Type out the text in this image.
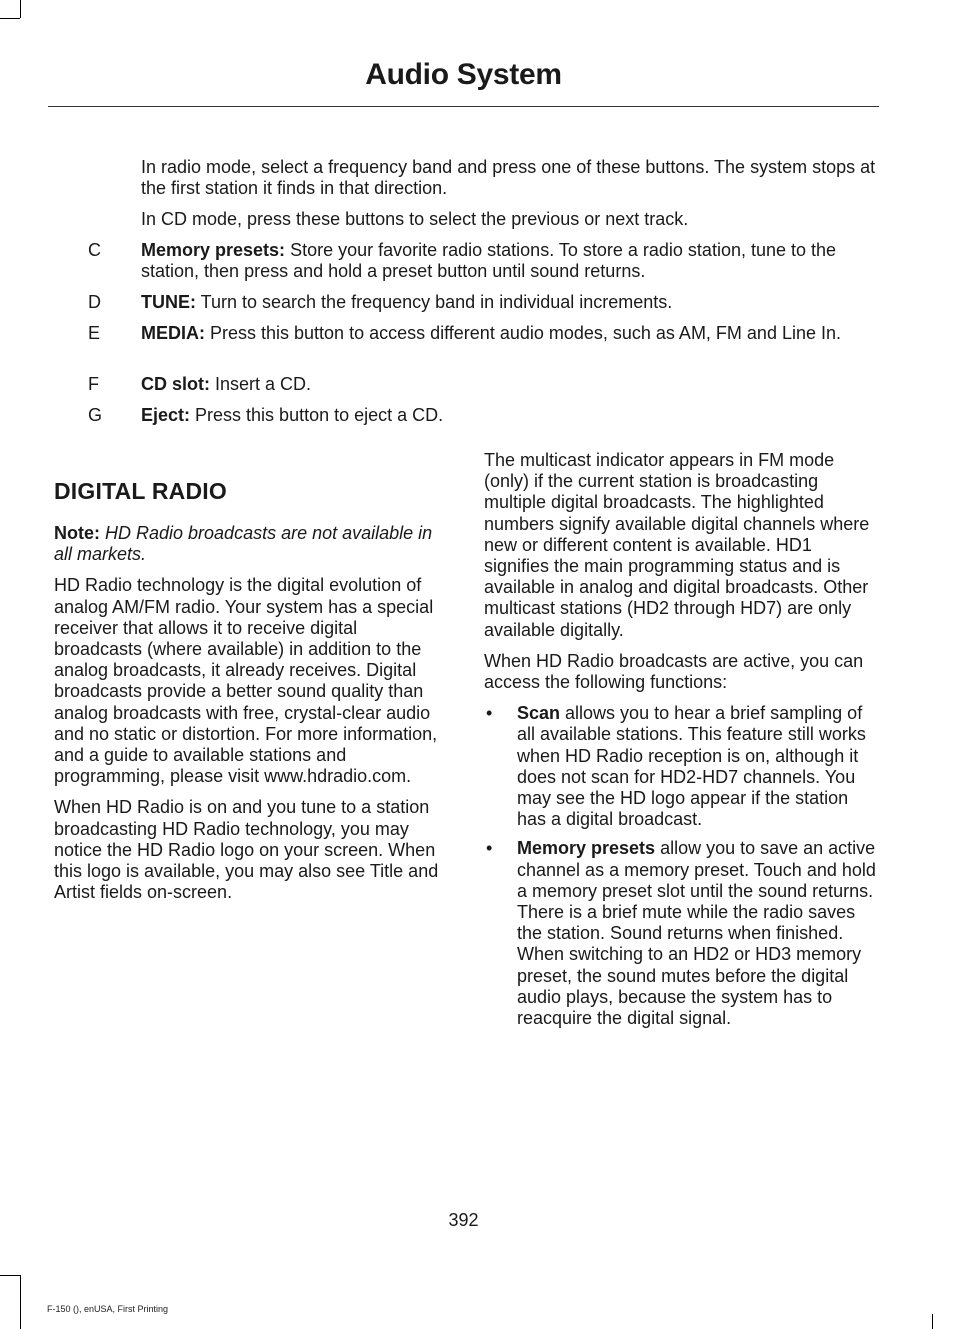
Audio System

In radio mode, select a frequency band and press one of these buttons. The system stops at the first station it finds in that direction.

In CD mode, press these buttons to select the previous or next track.

C	Memory presets: Store your favorite radio stations. To store a radio station, tune to the station, then press and hold a preset button until sound returns.
D	TUNE: Turn to search the frequency band in individual increments.
E	MEDIA: Press this button to access different audio modes, such as AM, FM and Line In.
F	CD slot: Insert a CD.
G	Eject: Press this button to eject a CD.
DIGITAL RADIO

Note: HD Radio broadcasts are not available in all markets.

HD Radio technology is the digital evolution of analog AM/FM radio. Your system has a special receiver that allows it to receive digital broadcasts (where available) in addition to the analog broadcasts, it already receives. Digital broadcasts provide a better sound quality than analog broadcasts with free, crystal-clear audio and no static or distortion. For more information, and a guide to available stations and programming, please visit www.hdradio.com.

When HD Radio is on and you tune to a station broadcasting HD Radio technology, you may notice the HD Radio logo on your screen. When this logo is available, you may also see Title and Artist fields on-screen.

The multicast indicator appears in FM mode (only) if the current station is broadcasting multiple digital broadcasts. The highlighted numbers signify available digital channels where new or different content is available. HD1 signifies the main programming status and is available in analog and digital broadcasts. Other multicast stations (HD2 through HD7) are only available digitally.

When HD Radio broadcasts are active, you can access the following functions:

• Scan allows you to hear a brief sampling of all available stations. This feature still works when HD Radio reception is on, although it does not scan for HD2-HD7 channels. You may see the HD logo appear if the station has a digital broadcast.
• Memory presets allow you to save an active channel as a memory preset. Touch and hold a memory preset slot until the sound returns. There is a brief mute while the radio saves the station. Sound returns when finished. When switching to an HD2 or HD3 memory preset, the sound mutes before the digital audio plays, because the system has to reacquire the digital signal.
392
F-150 (), enUSA, First Printing
